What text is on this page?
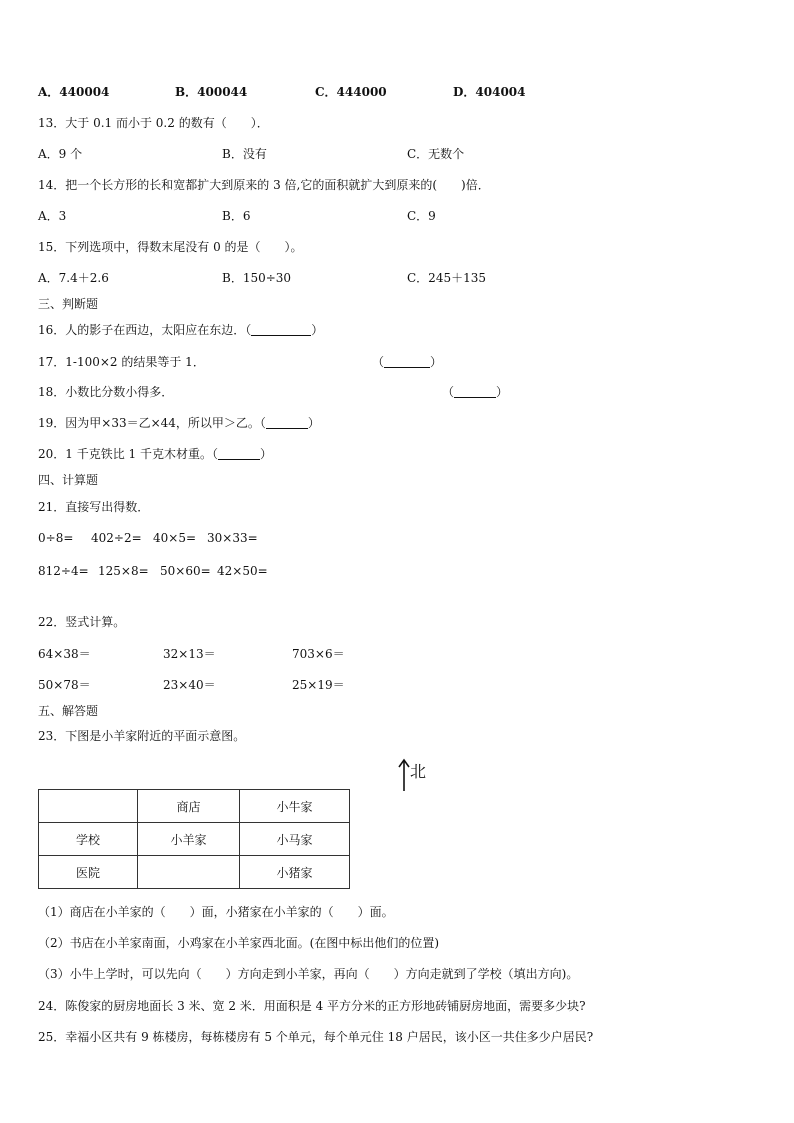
A．440004	B．400044	C．444000	D．404004
13．大于 0.1 而小于 0.2 的数有（　　）．
A．9 个	B．没有	C．无数个
14．把一个长方形的长和宽都扩大到原来的 3 倍,它的面积就扩大到原来的(　　)倍．
A．3	B．6	C．9
15．下列选项中，得数末尾没有 0 的是（　　）。
A．7.4＋2.6	B．150÷30	C．245＋135
三、判断题
16．人的影子在西边，太阳应在东边．（	）
17．1-100×2 的结果等于 1．	（	）
18．小数比分数小得多．	（	）
19．因为甲×33＝乙×44，所以甲＞乙。（	）
20．1 千克铁比 1 千克木材重。（	）
四、计算题
21．直接写出得数．
0÷8= 402÷2= 40×5= 30×33=
812÷4= 125×8= 50×60= 42×50=
22．竖式计算。
64×38＝	32×13＝	703×6＝
50×78＝	23×40＝	25×19＝
五、解答题
23．下图是小羊家附近的平面示意图。
北
	商店	小牛家
学校	小羊家	小马家
医院		小猪家
（1）商店在小羊家的（　　）面，小猪家在小羊家的（　　）面。
（2）书店在小羊家南面，小鸡家在小羊家西北面。(在图中标出他们的位置)
（3）小牛上学时，可以先向（　　）方向走到小羊家，再向（　　）方向走就到了学校（填出方向)。
24．陈俊家的厨房地面长 3 米、宽 2 米．用面积是 4 平方分米的正方形地砖铺厨房地面，需要多少块?
25．幸福小区共有 9 栋楼房，每栋楼房有 5 个单元，每个单元住 18 户居民，该小区一共住多少户居民?
